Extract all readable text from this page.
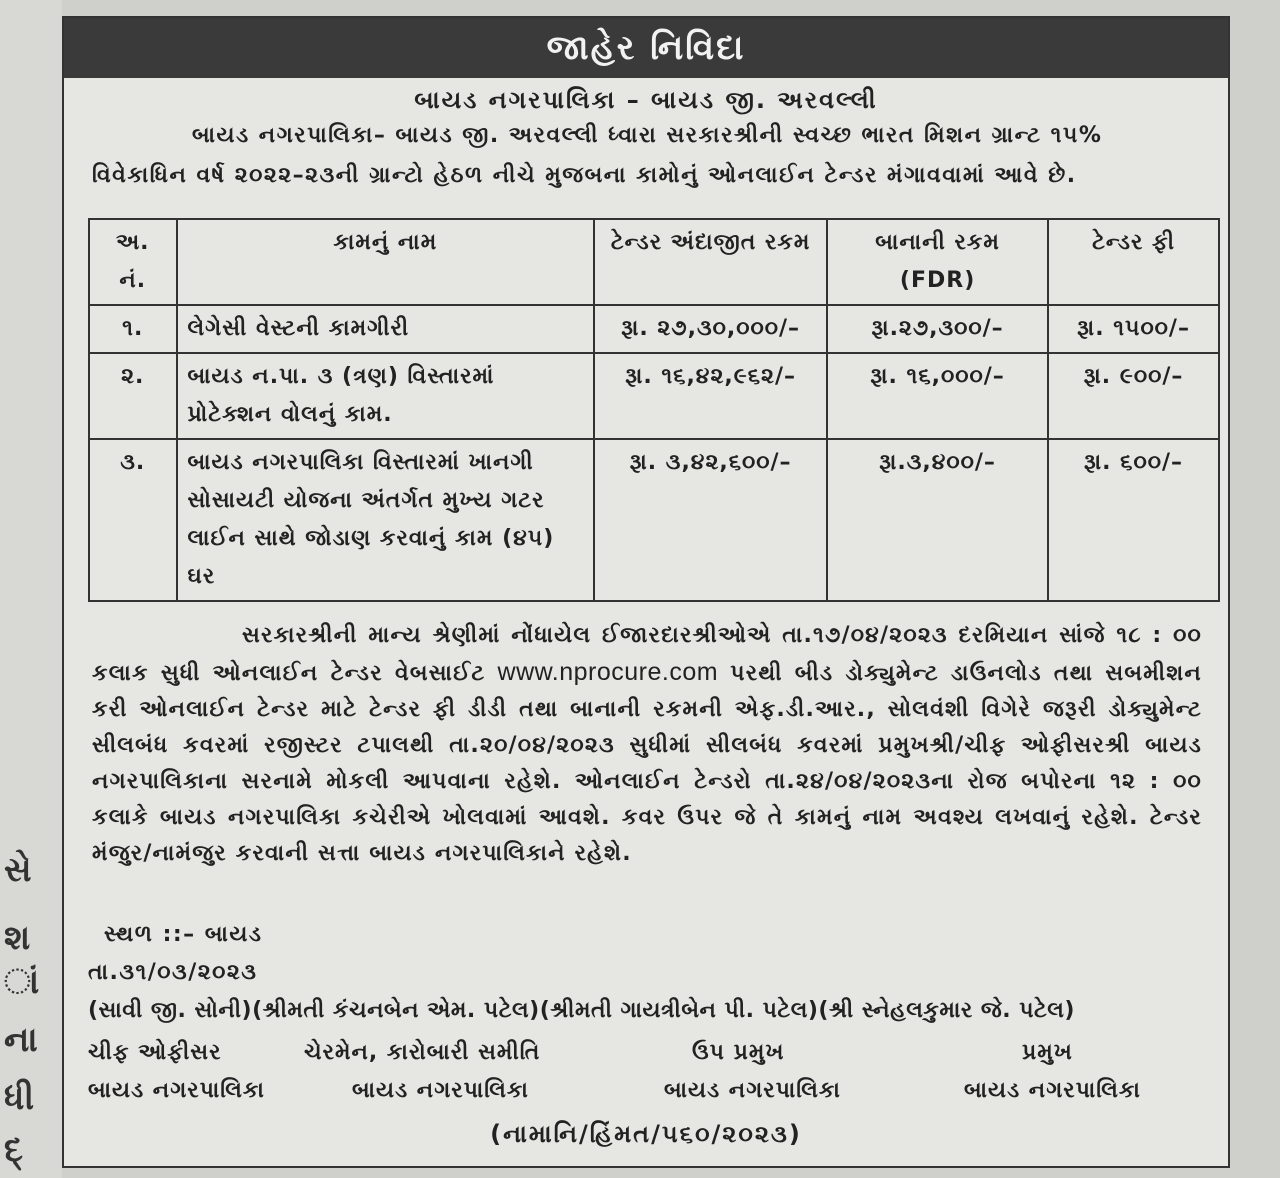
સે
શ
ાં
ના
ધી
દ્
જાહેર નિવિદા
બાયડ નગરપાલિકા – બાયડ જી. અરવલ્લી
બાયડ નગરપાલિકા– બાયડ જી. અરવલ્લી ધ્વારા સરકારશ્રીની સ્વચ્છ ભારત મિશન ગ્રાન્ટ ૧૫% વિવેકાધિન વર્ષ ૨૦૨૨–૨૩ની ગ્રાન્ટો હેઠળ નીચે મુજબના કામોનું ઓનલાઈન ટેન્ડર મંગાવવામાં આવે છે.
અ. નં.	કામનું નામ	ટેન્ડર અંદાજીત રકમ	બાનાની રકમ (FDR)	ટેન્ડર ફી
૧.	લેગેસી વેસ્ટની કામગીરી	રૂા. ૨૭,૩૦,૦૦૦/–	રૂા.૨૭,૩૦૦/–	રૂા. ૧૫૦૦/–
૨.	બાયડ ન.પા. ૩ (ત્રણ) વિસ્તારમાં પ્રોટેક્શન વોલનું કામ.	રૂા. ૧૬,૪૨,૯૬૨/–	રૂા. ૧૬,૦૦૦/–	રૂા. ૯૦૦/–
૩.	બાયડ નગરપાલિકા વિસ્તારમાં ખાનગી સોસાયટી યોજના અંતર્ગત મુખ્ય ગટર લાઈન સાથે જોડાણ કરવાનું કામ (૪૫) ઘર	રૂા. ૩,૪૨,૬૦૦/–	રૂા.૩,૪૦૦/–	રૂા. ૬૦૦/–
સરકારશ્રીની માન્ય શ્રેણીમાં નોંધાયેલ ઈજારદારશ્રીઓએ તા.૧૭/૦૪/૨૦૨૩ દરમિયાન સાંજે ૧૮ : ૦૦ કલાક સુધી ઓનલાઈન ટેન્ડર વેબસાઈટ www.nprocure.com પરથી બીડ ડોક્યુમેન્ટ ડાઉનલોડ તથા સબમીશન કરી ઓનલાઈન ટેન્ડર માટે ટેન્ડર ફી ડીડી તથા બાનાની રકમની એફ.ડી.આર., સોલવંશી વિગેરે જરૂરી ડોક્યુમેન્ટ સીલબંધ કવરમાં રજીસ્ટર ટપાલથી તા.૨૦/૦૪/૨૦૨૩ સુધીમાં સીલબંધ કવરમાં પ્રમુખશ્રી/ચીફ ઓફીસરશ્રી બાયડ નગરપાલિકાના સરનામે મોકલી આપવાના રહેશે. ઓનલાઈન ટેન્ડરો તા.૨૪/૦૪/૨૦૨૩ના રોજ બપોરના ૧૨ : ૦૦ કલાકે બાયડ નગરપાલિકા કચેરીએ ખોલવામાં આવશે. કવર ઉપર જે તે કામનું નામ અવશ્ય લખવાનું રહેશે. ટેન્ડર મંજુર/નામંજુર કરવાની સત્તા બાયડ નગરપાલિકાને રહેશે.
સ્થળ ::– બાયડ
તા.૩૧/૦૩/૨૦૨૩
(સાવી જી. સોની)(શ્રીમતી કંચનબેન એમ. પટેલ)(શ્રીમતી ગાયત્રીબેન પી. પટેલ)(શ્રી સ્નેહલકુમાર જે. પટેલ)
ચીફ ઓફીસર	ચેરમેન, કારોબારી સમીતિ	ઉપ પ્રમુખ	પ્રમુખ
બાયડ નગરપાલિકા	બાયડ નગરપાલિકા	બાયડ નગરપાલિકા	બાયડ નગરપાલિકા
(નામાનિ/હિંમત/૫૬૦/૨૦૨૩)
